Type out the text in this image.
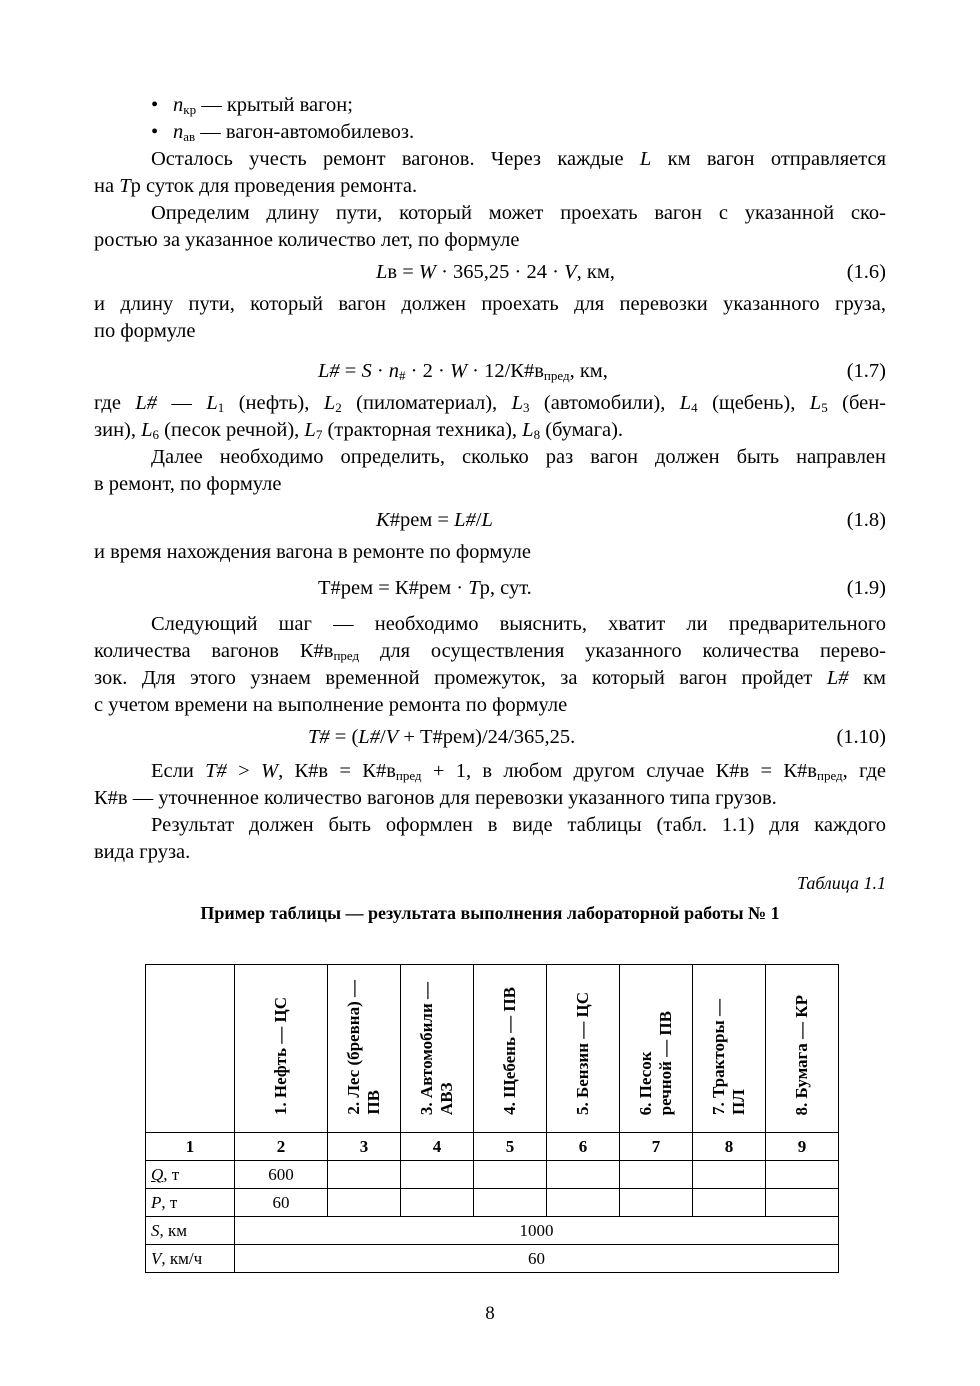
• $n_{кр}$ — крытый вагон;
• $n_{ав}$ — вагон-автомобилевоз.
Осталось учесть ремонт вагонов. Через каждые L км вагон отправляется
на Tр суток для проведения ремонта.
Определим длину пути, который может проехать вагон с указанной ско-
ростью за указанное количество лет, по формуле
Lв = W · 365,25 · 24 · V, км,	(1.6)
и длину пути, который вагон должен проехать для перевозки указанного груза,
по формуле
L# = $S \cdot n_{\#} \cdot 2 \cdot W$ · $12/К\#в_{пред}$, км,	(1.7)
где L# — $L_1$ (нефть), $L_2$ (пиломатериал), $L_3$ (автомобили), $L_4$ (щебень), $L_5$ (бен-
зин), $L_6$ (песок речной), $L_7$ (тракторная техника), $L_8$ (бумага).
Далее необходимо определить, сколько раз вагон должен быть направлен
в ремонт, по формуле
K#рем = L#/L	(1.8)
и время нахождения вагона в ремонте по формуле
Т#рем = К#рем · Tр, сут.	(1.9)
Следующий шаг — необходимо выяснить, хватит ли предварительного
количества вагонов $К\#в_{пред}$ для осуществления указанного количества перево-
зок. Для этого узнаем временной промежуток, за который вагон пройдет L# км
с учетом времени на выполнение ремонта по формуле
T# = (L#/V + Т#рем)/24/365,25.	(1.10)
Если T# > W, К#в = $К\#в_{пред} + 1$, в любом другом случае К#в = $К\#в_{пред}$, где
К#в — уточненное количество вагонов для перевозки указанного типа грузов.
Результат должен быть оформлен в виде таблицы (табл. 1.1) для каждого
вида груза.
Таблица 1.1
Пример таблицы — результата выполнения лабораторной работы № 1
	1. Нефть — ЦС	2. Лес (бревна) —
ПВ	3. Автомобили —
АВЗ	4. Щебень — ПВ	5. Бензин — ЦС	6. Песок
речной — ПВ	7. Тракторы —
ПЛ	8. Бумага — КР
1	2	3	4	5	6	7	8	9
Q, т	600							
P, т	60							
S, км	1000							
V, км/ч	60							
8
